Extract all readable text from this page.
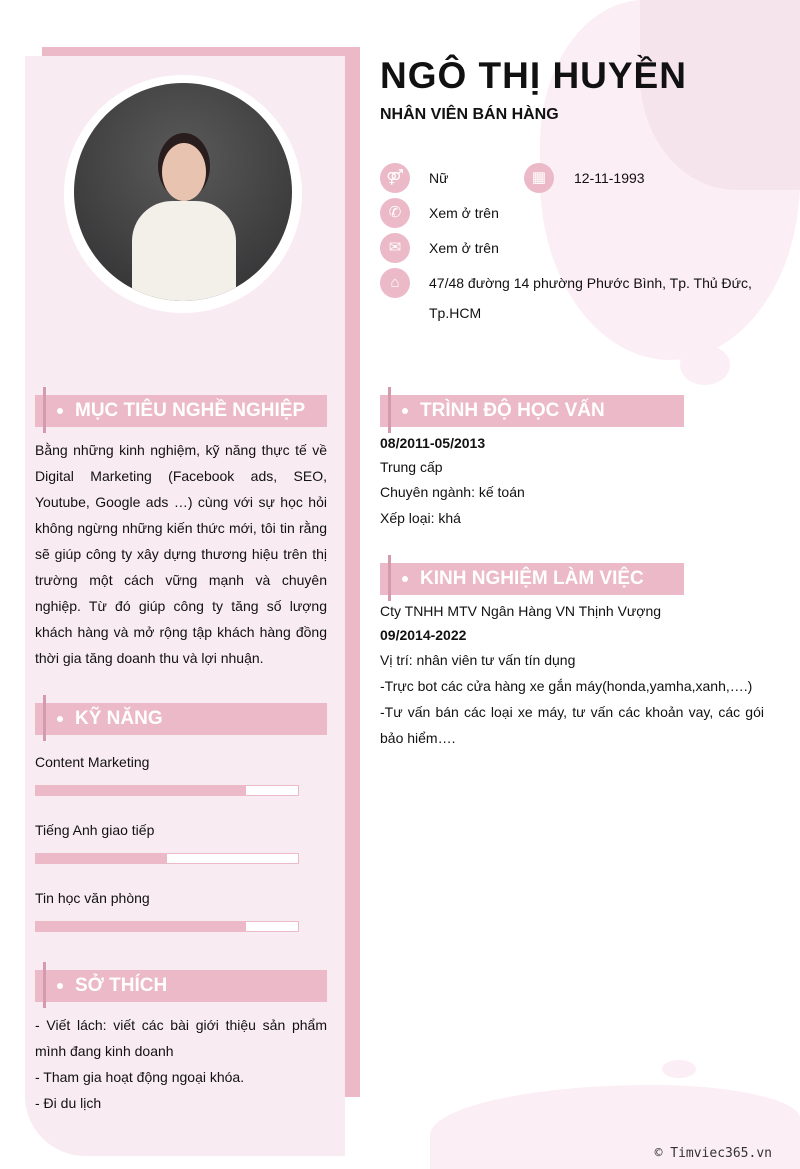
NGÔ THỊ HUYỀN
NHÂN VIÊN BÁN HÀNG
⚤	Nữ	▦	12-11-1993
✆	Xem ở trên
✉	Xem ở trên
⌂	47/48 đường 14 phường Phước Bình, Tp. Thủ Đức, Tp.HCM
MỤC TIÊU NGHỀ NGHIỆP
Bằng những kinh nghiệm, kỹ năng thực tế về Digital Marketing (Facebook ads, SEO, Youtube, Google ads …) cùng với sự học hỏi không ngừng những kiến thức mới, tôi tin rằng sẽ giúp công ty xây dựng thương hiệu trên thị trường một cách vững mạnh và chuyên nghiệp. Từ đó giúp công ty tăng số lượng khách hàng và mở rộng tập khách hàng đồng thời gia tăng doanh thu và lợi nhuận.
KỸ NĂNG
Content Marketing
Tiếng Anh giao tiếp
Tin học văn phòng
SỞ THÍCH
- Viết lách: viết các bài giới thiệu sản phẩm mình đang kinh doanh
- Tham gia hoạt động ngoại khóa.
- Đi du lịch
TRÌNH ĐỘ HỌC VẤN
08/2011-05/2013
Trung cấp
Chuyên ngành: kế toán
Xếp loại: khá
KINH NGHIỆM LÀM VIỆC
Cty TNHH MTV Ngân Hàng VN Thịnh Vượng
09/2014-2022
Vị trí: nhân viên tư vấn tín dụng
-Trực bot các cửa hàng xe gắn máy(honda,yamha,xanh,….)
-Tư vấn bán các loại xe máy, tư vấn các khoản vay, các gói bảo hiểm….
© Timviec365.vn
